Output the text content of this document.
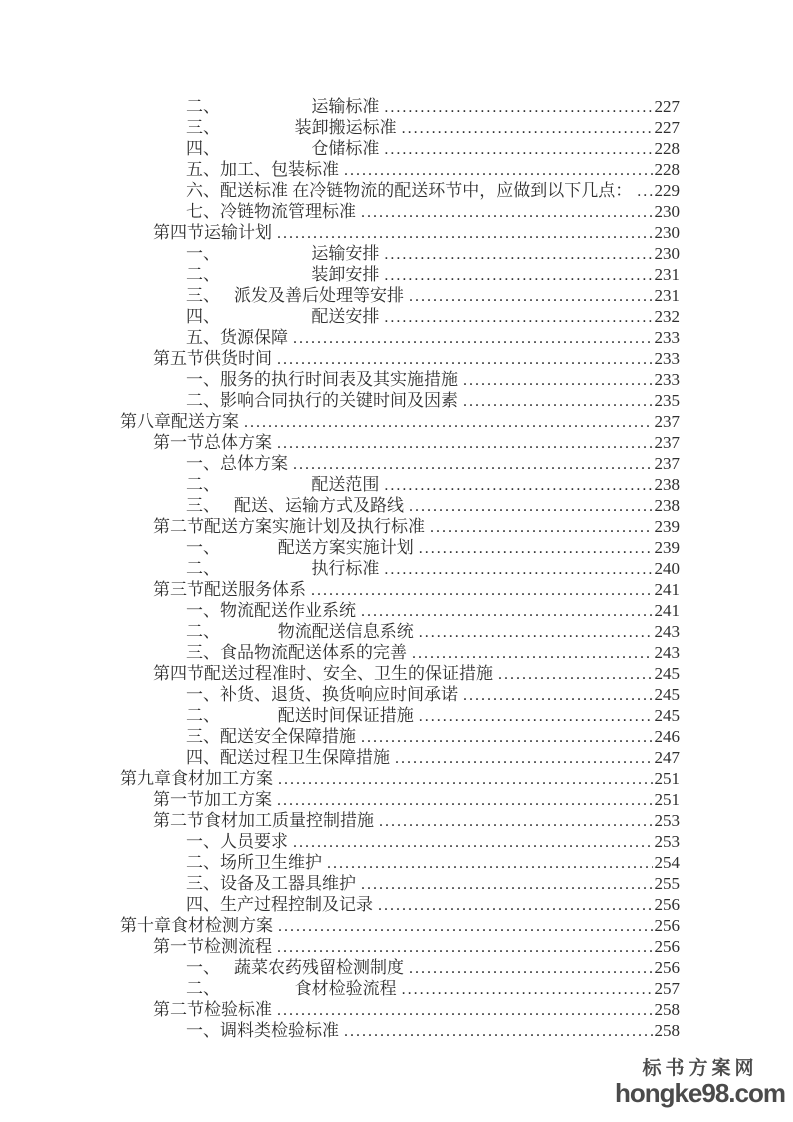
二、	运输标准 .....	227
三、	装卸搬运标准 .....	227
四、	仓储标准 .....	228
五、 加工、包装标准 .....	228
六、 配送标准 在冷链物流的配送环节中，应做到以下几点： ..... 229
七、 冷链物流管理标准 .....	230
第四节运输计划 .....	230
一、	运输安排 .....	230
二、	装卸安排 .....	231
三、 派发及善后处理等安排 .....	231
四、	配送安排 .....	232
五、 货源保障 .....	233
第五节供货时间 .....	233
一、 服务的执行时间表及其实施措施 .....	233
二、 影响合同执行的关键时间及因素 .....	235
第八章配送方案 .....	237
第一节总体方案 .....	237
一、 总体方案 .....	237
二、	配送范围 .....	238
三、 配送、运输方式及路线 .....	238
第二节配送方案实施计划及执行标准 .....	239
一、	配送方案实施计划 .....	239
二、	执行标准 .....	240
第三节配送服务体系 .....	241
一、 物流配送作业系统 .....	241
二、	物流配送信息系统 .....	243
三、 食品物流配送体系的完善 .....	243
第四节配送过程准时、安全、卫生的保证措施 .....	245
一、 补货、退货、换货响应时间承诺 .....	245
二、	配送时间保证措施 .....	245
三、 配送安全保障措施 .....	246
四、 配送过程卫生保障措施 .....	247
第九章食材加工方案 .....	251
第一节加工方案 .....	251
第二节食材加工质量控制措施 .....	253
一、 人员要求 .....	253
二、 场所卫生维护 .....	254
三、 设备及工器具维护 .....	255
四、 生产过程控制及记录 .....	256
第十章食材检测方案 .....	256
第一节检测流程 .....	256
一、 蔬菜农药残留检测制度 .....	256
二、	食材检验流程 .....	257
第二节检验标准 .....	258
一、 调料类检验标准 .....	258
标书方案网
hongke98.com
